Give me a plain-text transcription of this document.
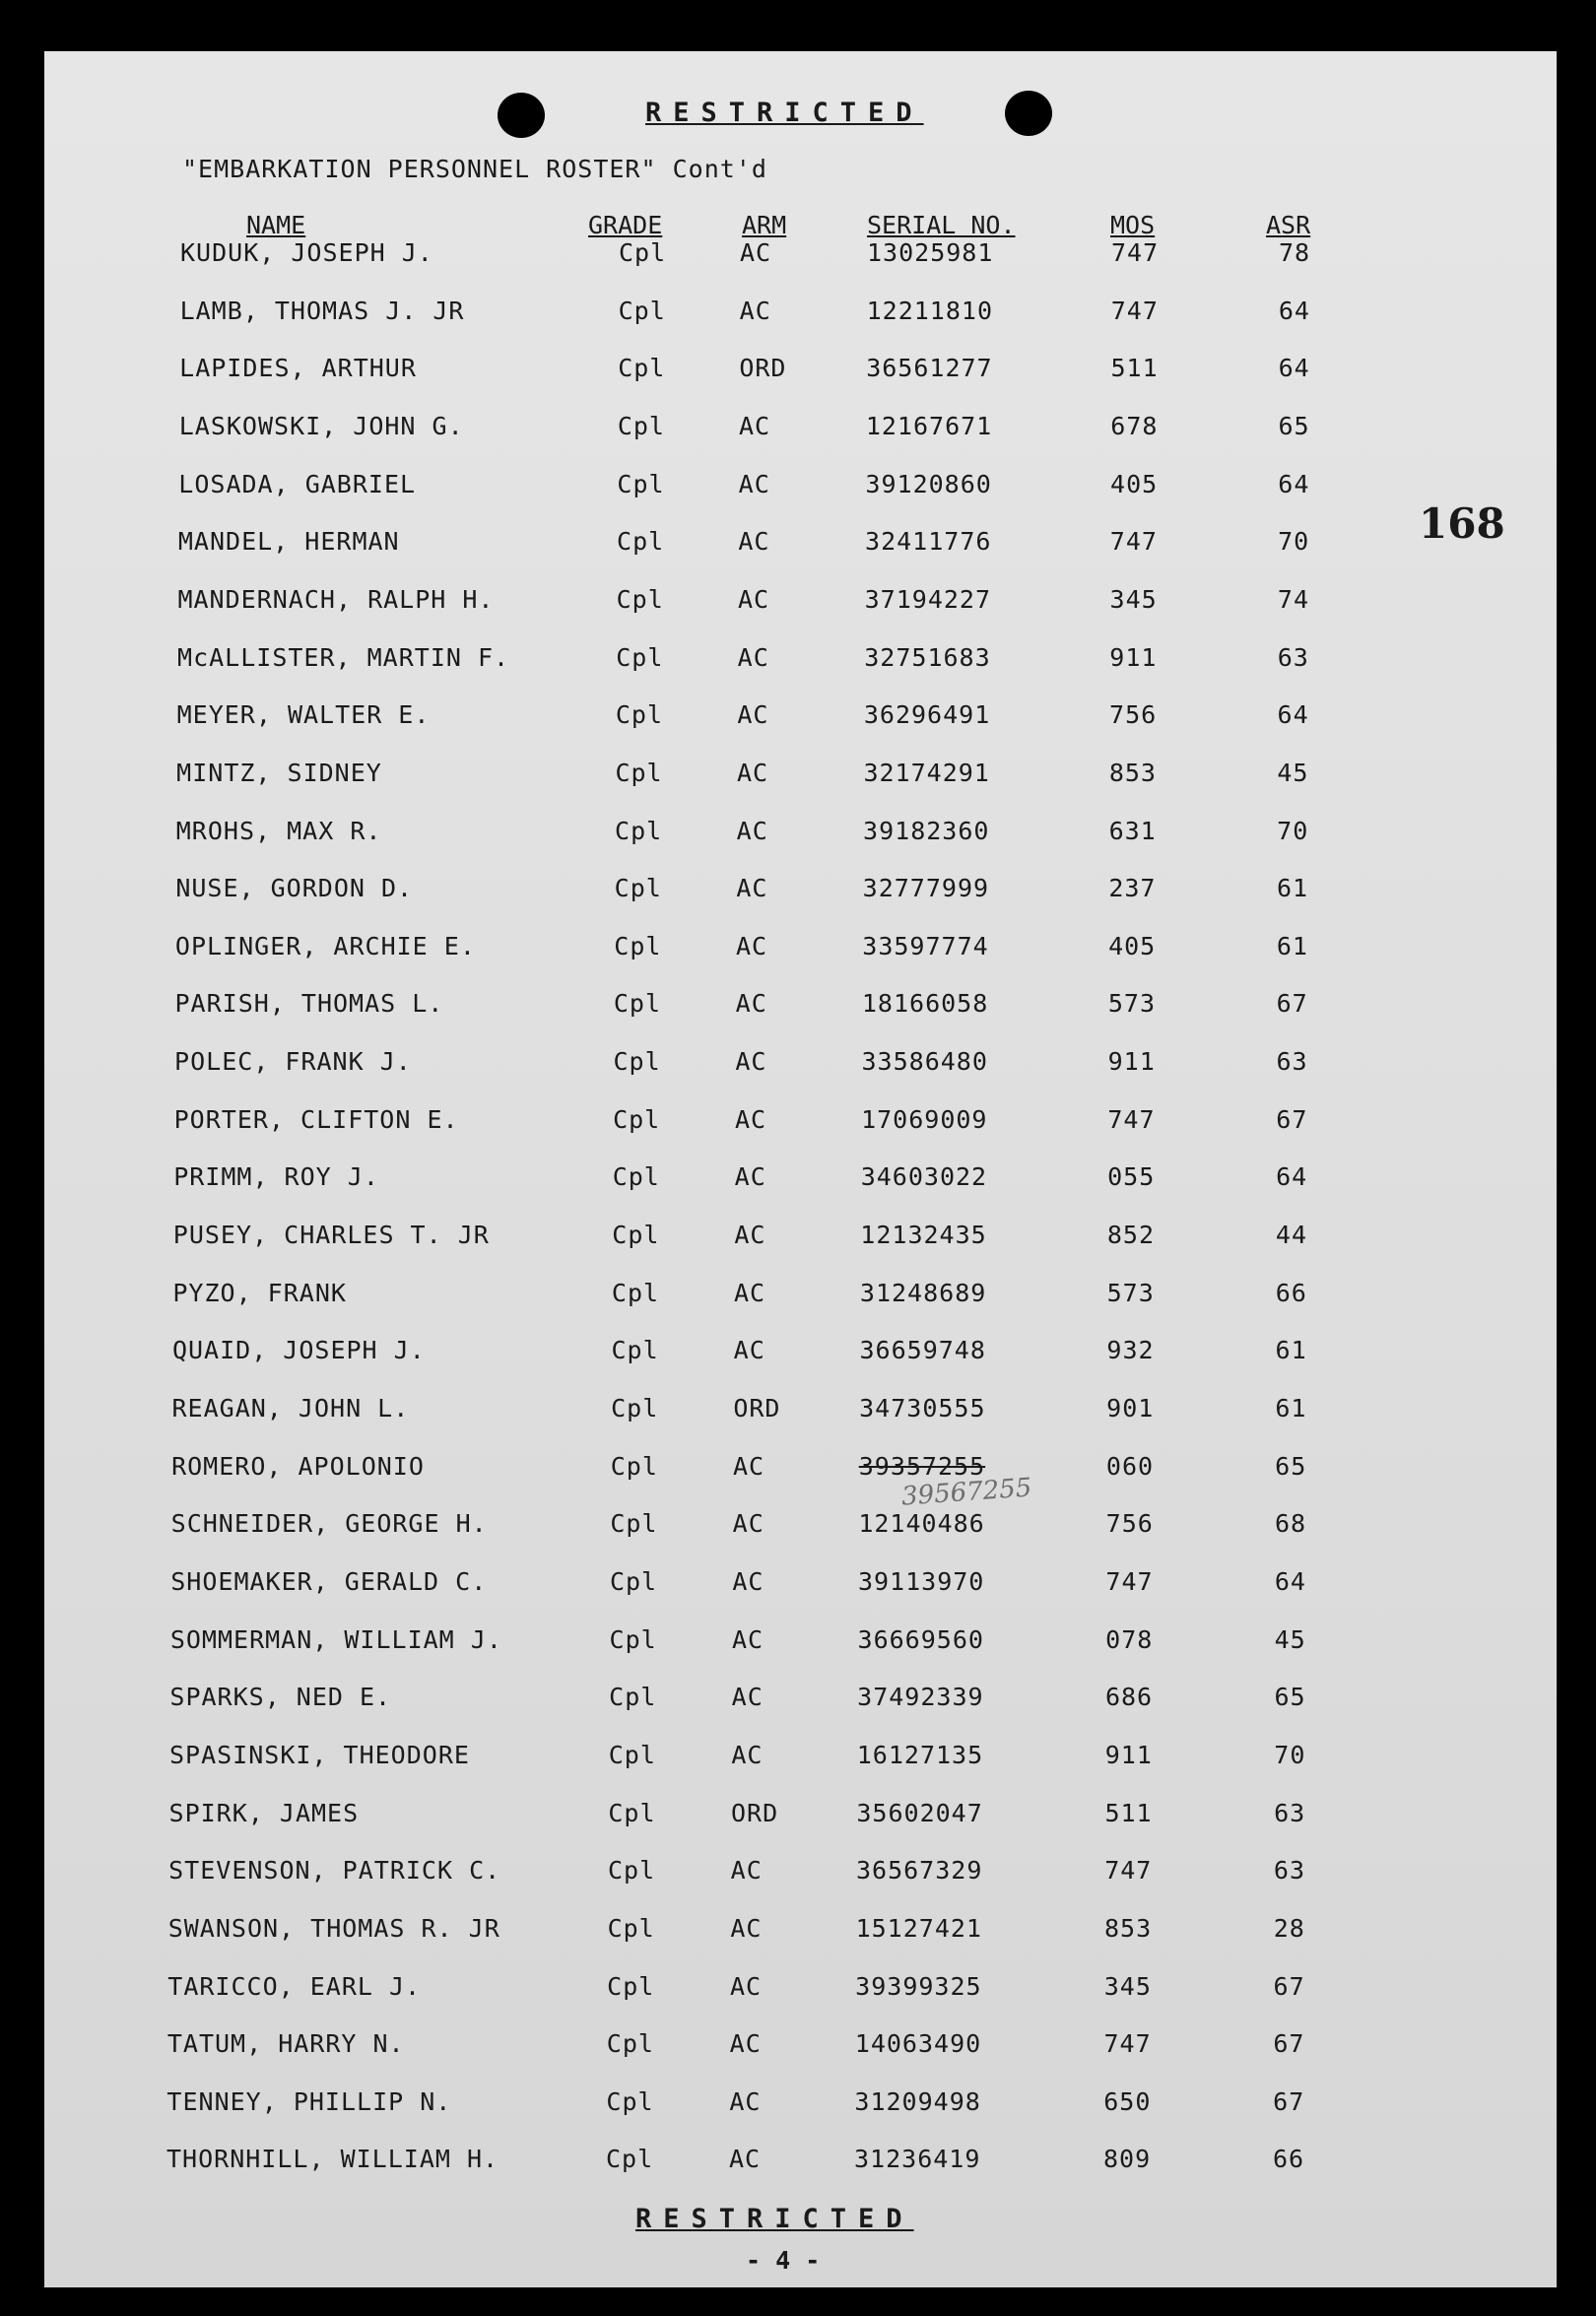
RESTRICTED
"EMBARKATION PERSONNEL ROSTER" Cont'd
168
NAME	GRADE	ARM	SERIAL NO.	MOS	ASR
KUDUK, JOSEPH J.	Cpl	AC	13025981	747	78
LAMB, THOMAS J. JR	Cpl	AC	12211810	747	64
LAPIDES, ARTHUR	Cpl	ORD	36561277	511	64
LASKOWSKI, JOHN G.	Cpl	AC	12167671	678	65
LOSADA, GABRIEL	Cpl	AC	39120860	405	64
MANDEL, HERMAN	Cpl	AC	32411776	747	70
MANDERNACH, RALPH H.	Cpl	AC	37194227	345	74
McALLISTER, MARTIN F.	Cpl	AC	32751683	911	63
MEYER, WALTER E.	Cpl	AC	36296491	756	64
MINTZ, SIDNEY	Cpl	AC	32174291	853	45
MROHS, MAX R.	Cpl	AC	39182360	631	70
NUSE, GORDON D.	Cpl	AC	32777999	237	61
OPLINGER, ARCHIE E.	Cpl	AC	33597774	405	61
PARISH, THOMAS L.	Cpl	AC	18166058	573	67
POLEC, FRANK J.	Cpl	AC	33586480	911	63
PORTER, CLIFTON E.	Cpl	AC	17069009	747	67
PRIMM, ROY J.	Cpl	AC	34603022	055	64
PUSEY, CHARLES T. JR	Cpl	AC	12132435	852	44
PYZO, FRANK	Cpl	AC	31248689	573	66
QUAID, JOSEPH J.	Cpl	AC	36659748	932	61
REAGAN, JOHN L.	Cpl	ORD	34730555	901	61
ROMERO, APOLONIO	Cpl	AC	39357255	060	65
SCHNEIDER, GEORGE H.	Cpl	AC	12140486	756	68
SHOEMAKER, GERALD C.	Cpl	AC	39113970	747	64
SOMMERMAN, WILLIAM J.	Cpl	AC	36669560	078	45
SPARKS, NED E.	Cpl	AC	37492339	686	65
SPASINSKI, THEODORE	Cpl	AC	16127135	911	70
SPIRK, JAMES	Cpl	ORD	35602047	511	63
STEVENSON, PATRICK C.	Cpl	AC	36567329	747	63
SWANSON, THOMAS R. JR	Cpl	AC	15127421	853	28
TARICCO, EARL J.	Cpl	AC	39399325	345	67
TATUM, HARRY N.	Cpl	AC	14063490	747	67
TENNEY, PHILLIP N.	Cpl	AC	31209498	650	67
THORNHILL, WILLIAM H.	Cpl	AC	31236419	809	66
39567255
RESTRICTED
- 4 -
